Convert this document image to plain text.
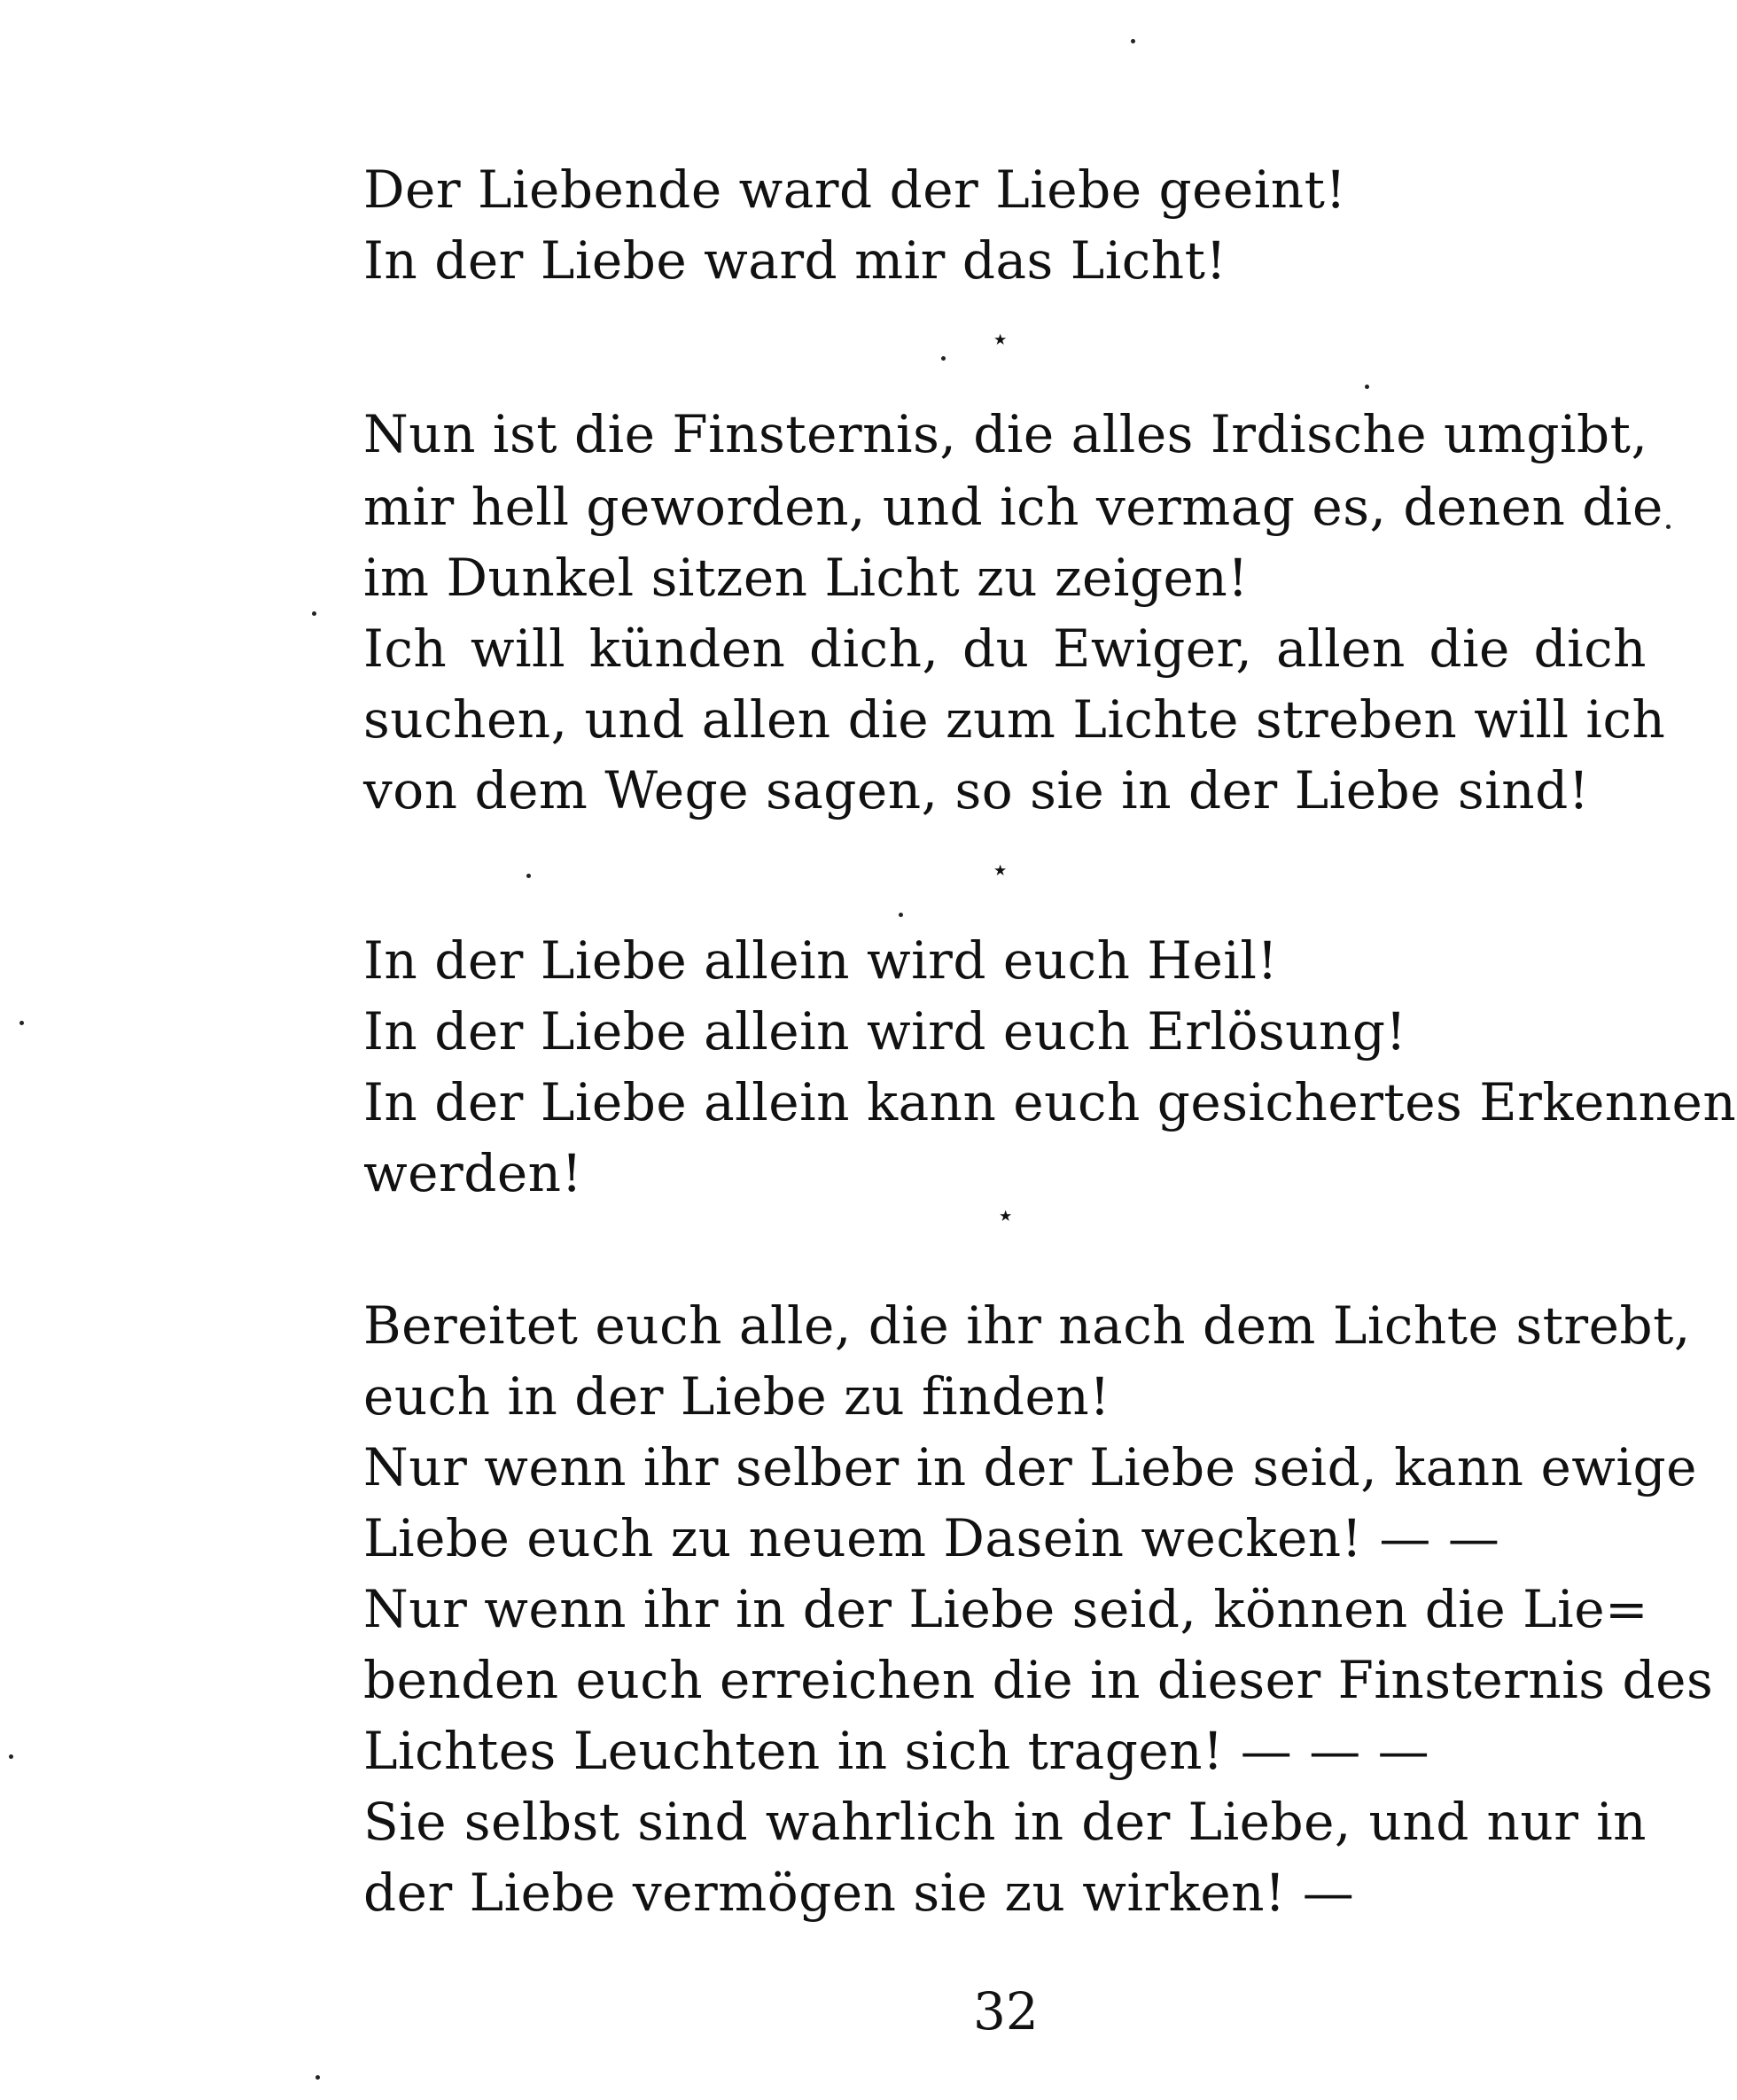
Der Liebende ward der Liebe geeint!
In der Liebe ward mir das Licht!
⋆
Nun ist die Finsternis, die alles Irdische umgibt,
mir hell geworden, und ich vermag es, denen die
im Dunkel sitzen Licht zu zeigen!
Ich will künden dich, du Ewiger, allen die dich
suchen, und allen die zum Lichte streben will ich
von dem Wege sagen, so sie in der Liebe sind!
⋆
In der Liebe allein wird euch Heil!
In der Liebe allein wird euch Erlösung!
In der Liebe allein kann euch gesichertes Erkennen
werden!
⋆
Bereitet euch alle, die ihr nach dem Lichte strebt,
euch in der Liebe zu finden!
Nur wenn ihr selber in der Liebe seid, kann ewige
Liebe euch zu neuem Dasein wecken! — —
Nur wenn ihr in der Liebe seid, können die Lie=
benden euch erreichen die in dieser Finsternis des
Lichtes Leuchten in sich tragen! — — —
Sie selbst sind wahrlich in der Liebe, und nur in
der Liebe vermögen sie zu wirken! —
32
